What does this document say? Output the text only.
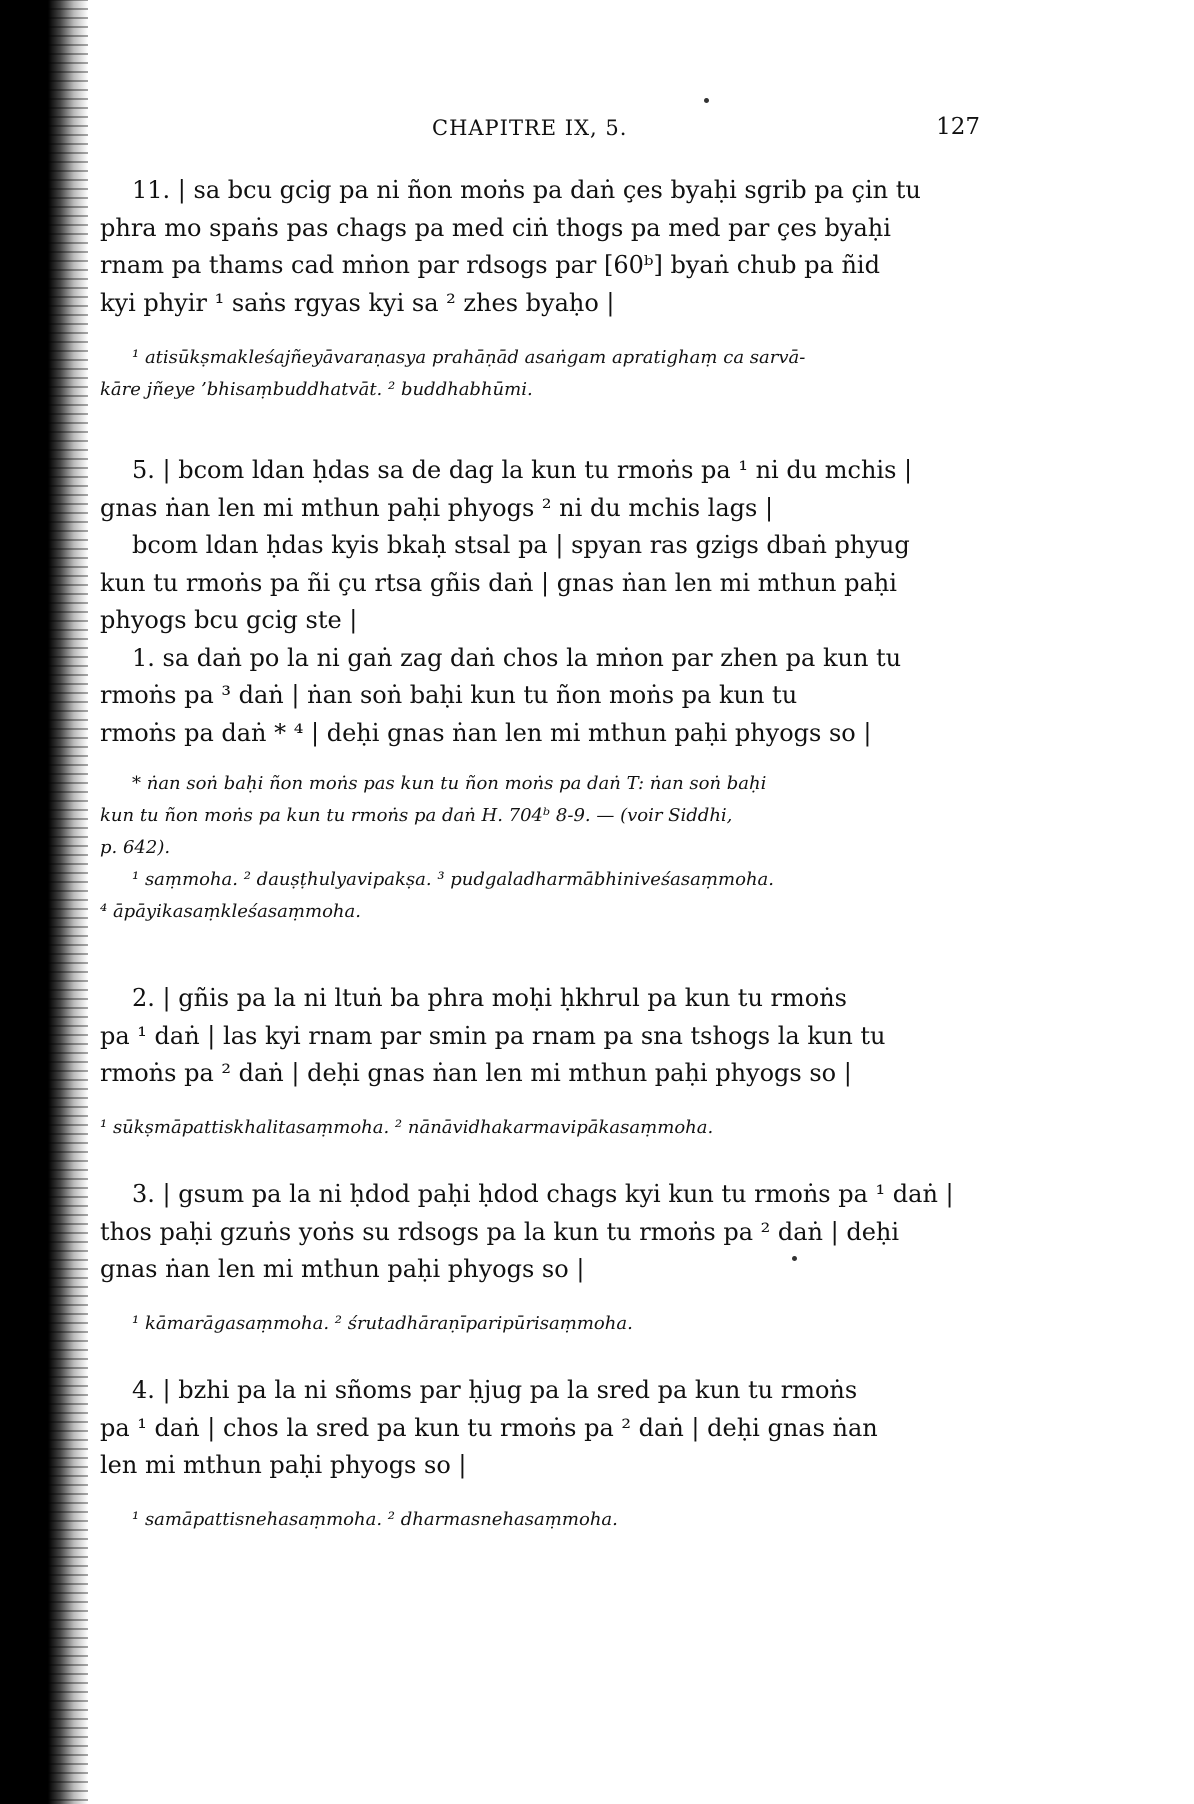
CHAPITRE IX, 5.	127
11. | sa bcu gcig pa ni ñon moṅs pa daṅ çes byaḥi sgrib pa çin tu
phra mo spaṅs pas chags pa med ciṅ thogs pa med par çes byaḥi
rnam pa thams cad mṅon par rdsogs par [60ᵇ] byaṅ chub pa ñid
kyi phyir ¹ saṅs rgyas kyi sa ² zhes byaḥo |
¹ atisūkṣmakleśajñeyāvaraṇasya prahāṇād asaṅgam apratighaṃ ca sarvā-
kāre jñeye ’bhisaṃbuddhatvāt. ² buddhabhūmi.
5. | bcom ldan ḥdas sa de dag la kun tu rmoṅs pa ¹ ni du mchis |
gnas ṅan len mi mthun paḥi phyogs ² ni du mchis lags |
bcom ldan ḥdas kyis bkaḥ stsal pa | spyan ras gzigs dbaṅ phyug
kun tu rmoṅs pa ñi çu rtsa gñis daṅ | gnas ṅan len mi mthun paḥi
phyogs bcu gcig ste |
1. sa daṅ po la ni gaṅ zag daṅ chos la mṅon par zhen pa kun tu
rmoṅs pa ³ daṅ | ṅan soṅ baḥi kun tu ñon moṅs pa kun tu
rmoṅs pa daṅ * ⁴ | deḥi gnas ṅan len mi mthun paḥi phyogs so |
* ṅan soṅ baḥi ñon moṅs pas kun tu ñon moṅs pa daṅ T: ṅan soṅ baḥi
kun tu ñon moṅs pa kun tu rmoṅs pa daṅ H. 704ᵇ 8-9. — (voir Siddhi,
p. 642).
¹ saṃmoha. ² dauṣṭhulyavipakṣa. ³ pudgaladharmābhiniveśasaṃmoha.
⁴ āpāyikasaṃkleśasaṃmoha.
2. | gñis pa la ni ltuṅ ba phra moḥi ḥkhrul pa kun tu rmoṅs
pa ¹ daṅ | las kyi rnam par smin pa rnam pa sna tshogs la kun tu
rmoṅs pa ² daṅ | deḥi gnas ṅan len mi mthun paḥi phyogs so |
¹ sūkṣmāpattiskhalitasaṃmoha. ² nānāvidhakarmavipākasaṃmoha.
3. | gsum pa la ni ḥdod paḥi ḥdod chags kyi kun tu rmoṅs pa ¹ daṅ |
thos paḥi gzuṅs yoṅs su rdsogs pa la kun tu rmoṅs pa ² daṅ | deḥi
gnas ṅan len mi mthun paḥi phyogs so |
¹ kāmarāgasaṃmoha. ² śrutadhāraṇīparipūrisaṃmoha.
4. | bzhi pa la ni sñoms par ḥjug pa la sred pa kun tu rmoṅs
pa ¹ daṅ | chos la sred pa kun tu rmoṅs pa ² daṅ | deḥi gnas ṅan
len mi mthun paḥi phyogs so |
¹ samāpattisnehasaṃmoha. ² dharmasnehasaṃmoha.
